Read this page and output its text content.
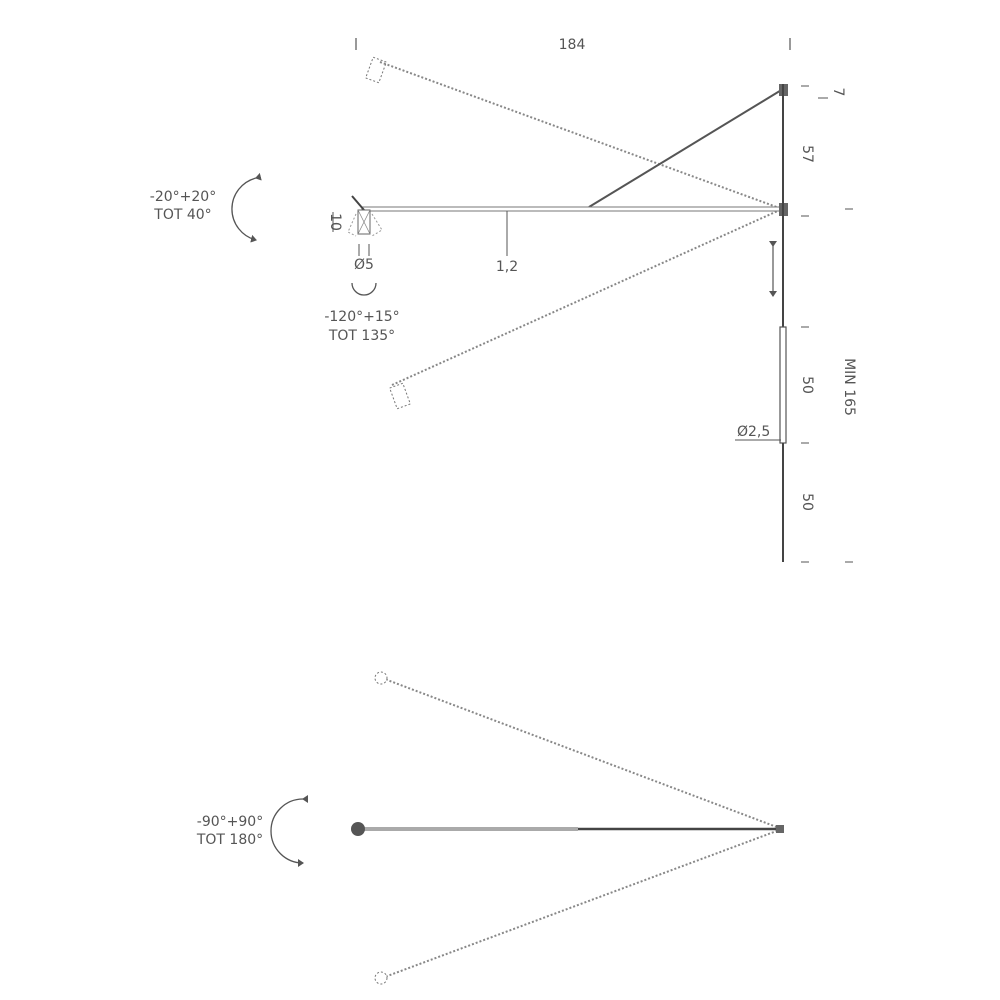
184
10
Ø5	1,2
Ø2,5
7
57
50
50
MIN 165
-20°+20°
TOT 40°
-120°+15°
TOT 135°
-90°+90°
TOT 180°
